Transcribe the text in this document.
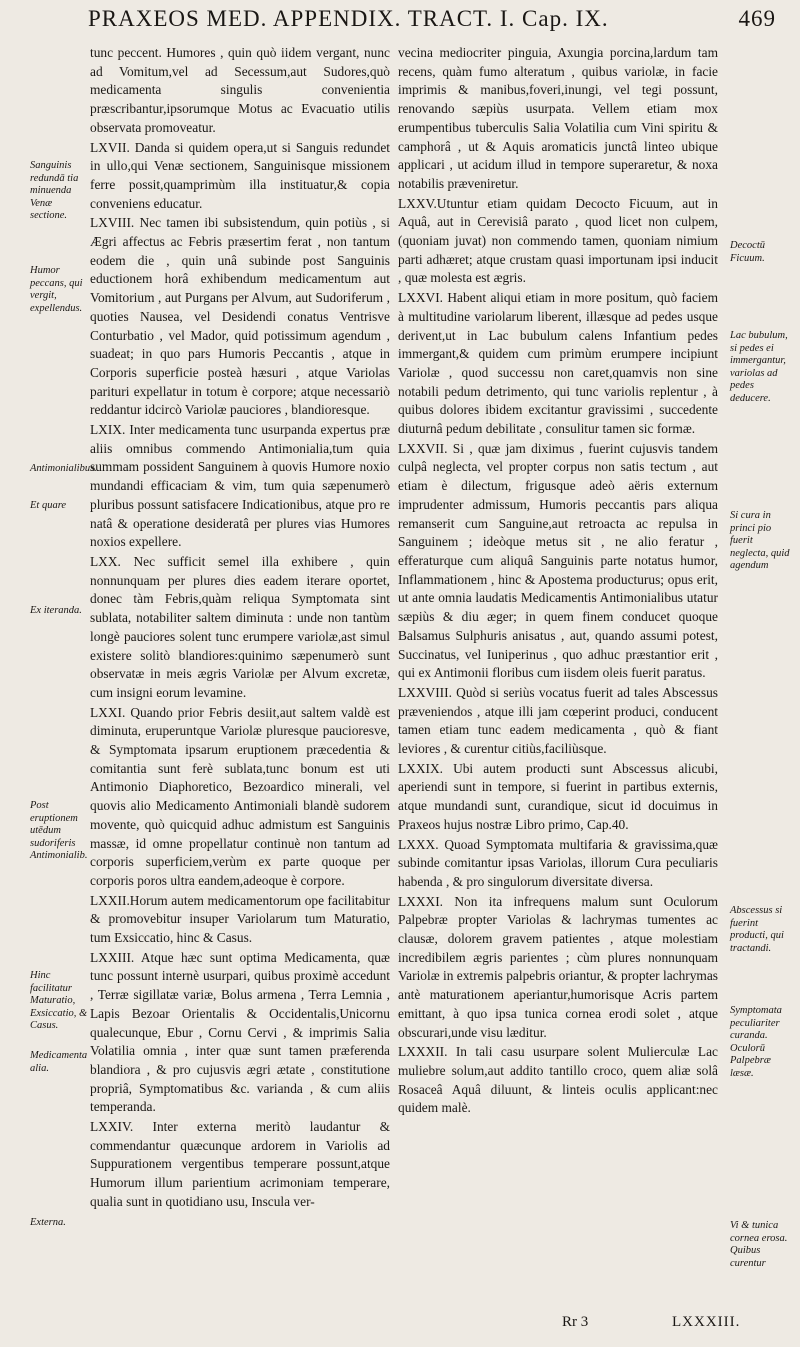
PRAXEOS MED. APPENDIX. TRACT. I. Cap. IX.	469
Sanguinis redundā tia minuenda Venæ sectione.
Humor peccans, qui vergit, expellendus.
Antimonialibus.
Et quare
Ex iteranda.
Post eruptionem utēdum sudoriferis Antimonialib.
Hinc facilitatur Maturatio, Exsiccatio, & Casus.
Medicamenta alia.
Externa.

tunc peccent. Humores , quin quò iidem vergant, nunc ad Vomitum,vel ad Secessum,aut Sudores,quò medicamenta singulis convenientia præscribantur,ipsorumque Motus ac Evacuatio utilis observata promoveatur.

LXVII. Danda si quidem opera,ut si Sanguis redundet in ullo,qui Venæ sectionem, Sanguinisque missionem ferre possit,quamprimùm illa instituatur,& copia conveniens educatur.

LXVIII. Nec tamen ibi subsistendum, quin potiùs , si Ægri affectus ac Febris præsertim ferat , non tantum eodem die , quin unâ subinde post Sanguinis eductionem horâ exhibendum medicamentum aut Vomitorium , aut Purgans per Alvum, aut Sudoriferum , quoties Nausea, vel Desidendi conatus Ventrisve Conturbatio , vel Mador, quid potissimum agendum , suadeat; in quo pars Humoris Peccantis , atque in Corporis superficie posteà hæsuri , atque Variolas parituri expellatur in totum è corpore; atque necessariò reddantur idcircò Variolæ pauciores , blandioresque.

LXIX. Inter medicamenta tunc usurpanda expertus præ aliis omnibus commendo Antimonialia,tum quia summam possident Sanguinem à quovis Humore noxio mundandi efficaciam & vim, tum quia sæpenumerò pluribus possunt satisfacere Indicationibus, atque pro re natâ & operatione desideratâ per plures vias Humores noxios expellere.

LXX. Nec sufficit semel illa exhibere , quin nonnunquam per plures dies eadem iterare oportet, donec tàm Febris,quàm reliqua Symptomata sint sublata, notabiliter saltem diminuta : unde non tantùm longè pauciores solent tunc erumpere variolæ,ast simul existere solitò blandiores:quinimo sæpenumerò sunt observatæ in meis ægris Variolæ per Alvum excretæ, cum insigni eorum levamine.

LXXI. Quando prior Febris desiit,aut saltem valdè est diminuta, eruperuntque Variolæ pluresque paucioresve, & Symptomata ipsarum eruptionem præcedentia & comitantia sunt ferè sublata,tunc bonum est uti Antimonio Diaphoretico, Bezoardico minerali, vel quovis alio Medicamento Antimoniali blandè sudorem movente, quò quicquid adhuc admistum est Sanguinis massæ, id omne propellatur continuè non tantum ad corporis superficiem,verùm ex parte quoque per corporis poros ultra eandem,adeoque è corpore.

LXXII.Horum autem medicamentorum ope facilitabitur & promovebitur insuper Variolarum tum Maturatio, tum Exsiccatio, hinc & Casus.

LXXIII. Atque hæc sunt optima Medicamenta, quæ tunc possunt internè usurpari, quibus proximè accedunt , Terræ sigillatæ variæ, Bolus armena , Terra Lemnia , Lapis Bezoar Orientalis & Occidentalis,Unicornu qualecunque, Ebur , Cornu Cervi , & imprimis Salia Volatilia omnia , inter quæ sunt tamen præferenda blandiora , & pro cujusvis ægri ætate , constitutione propriâ, Symptomatibus &c. varianda , & cum aliis temperanda.

LXXIV. Inter externa meritò laudantur & commendantur quæcunque ardorem in Variolis ad Suppurationem vergentibus temperare possunt,atque Humorum illum parientium acrimoniam temperare, qualia sunt in quotidiano usu, Inscula ver-

vecina mediocriter pinguia, Axungia porcina,lardum tam recens, quàm fumo alteratum , quibus variolæ, in facie imprimis & manibus,foveri,inungi, vel tegi possunt, renovando sæpiùs usurpata. Vellem etiam mox erumpentibus tuberculis Salia Volatilia cum Vini spiritu & camphorâ , ut & Aquis aromaticis junctâ linteo ubique applicari , ut acidum illud in tempore superaretur, & noxa notabilis præveniretur.

LXXV.Utuntur etiam quidam Decocto Ficuum, aut in Aquâ, aut in Cerevisiâ parato , quod licet non culpem, (quoniam juvat) non commendo tamen, quoniam nimium parti adhæret; atque crustam quasi importunam ipsi inducit , quæ molesta est ægris.

LXXVI. Habent aliqui etiam in more positum, quò faciem à multitudine variolarum liberent, illæsque ad pedes usque derivent,ut in Lac bubulum calens Infantium pedes immergant,& quidem cum primùm erumpere incipiunt Variolæ , quod successu non caret,quamvis non sine notabili pedum detrimento, qui tunc variolis replentur , à quibus dolores ibidem excitantur gravissimi , succedente diuturnâ pedum debilitate , consulitur tamen sic formæ.

LXXVII. Si , quæ jam diximus , fuerint cujusvis tandem culpâ neglecta, vel propter corpus non satis tectum , aut etiam è dilectum, frigusque adeò aëris externum imprudenter admissum, Humoris peccantis pars aliqua remanserit cum Sanguine,aut retroacta ac repulsa in Sanguinem ; ideòque metus sit , ne alio feratur , efferaturque cum aliquâ Sanguinis parte notatus humor, Inflammationem , hinc & Apostema producturus; opus erit, ut ante omnia laudatis Medicamentis Antimonialibus utatur sæpiùs & diu æger; in quem finem conducet quoque Balsamus Sulphuris anisatus , aut, quando assumi potest, Succinatus, vel Iuniperinus , quo adhuc præstantior erit , qui ex Antimonii floribus cum iisdem oleis fuerit paratus.

LXXVIII. Quòd si seriùs vocatus fuerit ad tales Abscessus præveniendos , atque illi jam cœperint produci, conducent tamen etiam tunc eadem medicamenta , quò & fiant leviores , & curentur citiùs,faciliùsque.

LXXIX. Ubi autem producti sunt Abscessus alicubi, aperiendi sunt in tempore, si fuerint in partibus externis, atque mundandi sunt, curandique, sicut id docuimus in Praxeos hujus nostræ Libro primo, Cap.40.

LXXX. Quoad Symptomata multifaria & gravissima,quæ subinde comitantur ipsas Variolas, illorum Cura peculiaris habenda , & pro singulorum diversitate diversa.

LXXXI. Non ita infrequens malum sunt Oculorum Palpebræ propter Variolas & lachrymas tumentes ac clausæ, dolorem gravem patientes , atque molestiam incredibilem ægris parientes ; cùm plures nonnunquam Variolæ in extremis palpebris oriantur, & propter lachrymas antè maturationem aperiantur,humorisque Acris partem emittant, à quo ipsa tunica cornea erodi solet , atque obscurari,unde visu læditur.

LXXXII. In tali casu usurpare solent Mulierculæ Lac muliebre solum,aut addito tantillo croco, quem aliæ solâ Rosaceâ Aquâ diluunt, & linteis oculis applicant:nec quidem malè.

Decoctū Ficuum.
Lac bubulum, si pedes ei immergantur, variolas ad pedes deducere.
Si cura in princi pio fuerit neglecta, quid agendum
Abscessus si fuerint producti, qui tractandi.
Symptomata peculiariter curanda. Oculorū Palpebræ læsæ.
Vi & tunica cornea erosa. Quibus curentur
Rr 3	LXXXIII.
